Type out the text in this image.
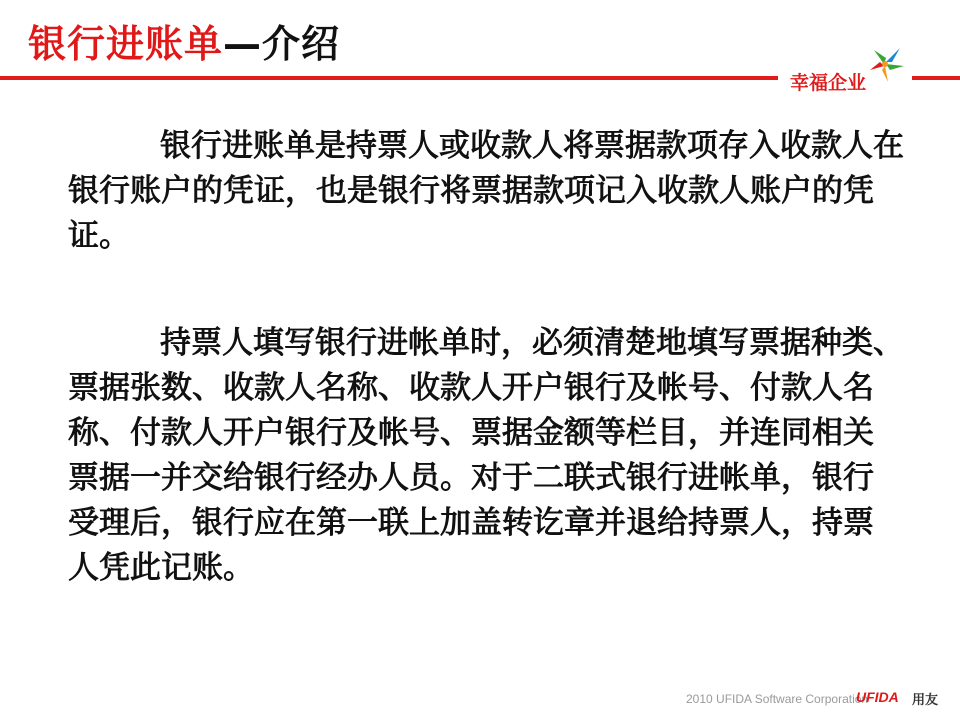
银行进账单—介绍
幸福企业

银行进账单是持票人或收款人将票据款项存入收款人在银行账户的凭证，也是银行将票据款项记入收款人账户的凭证。

持票人填写银行进帐单时，必须清楚地填写票据种类、票据张数、收款人名称、收款人开户银行及帐号、付款人名称、付款人开户银行及帐号、票据金额等栏目，并连同相关票据一并交给银行经办人员。对于二联式银行进帐单，银行受理后，银行应在第一联上加盖转讫章并退给持票人，持票人凭此记账。

2010 UFIDA Software Corporation
UFIDA 用友
